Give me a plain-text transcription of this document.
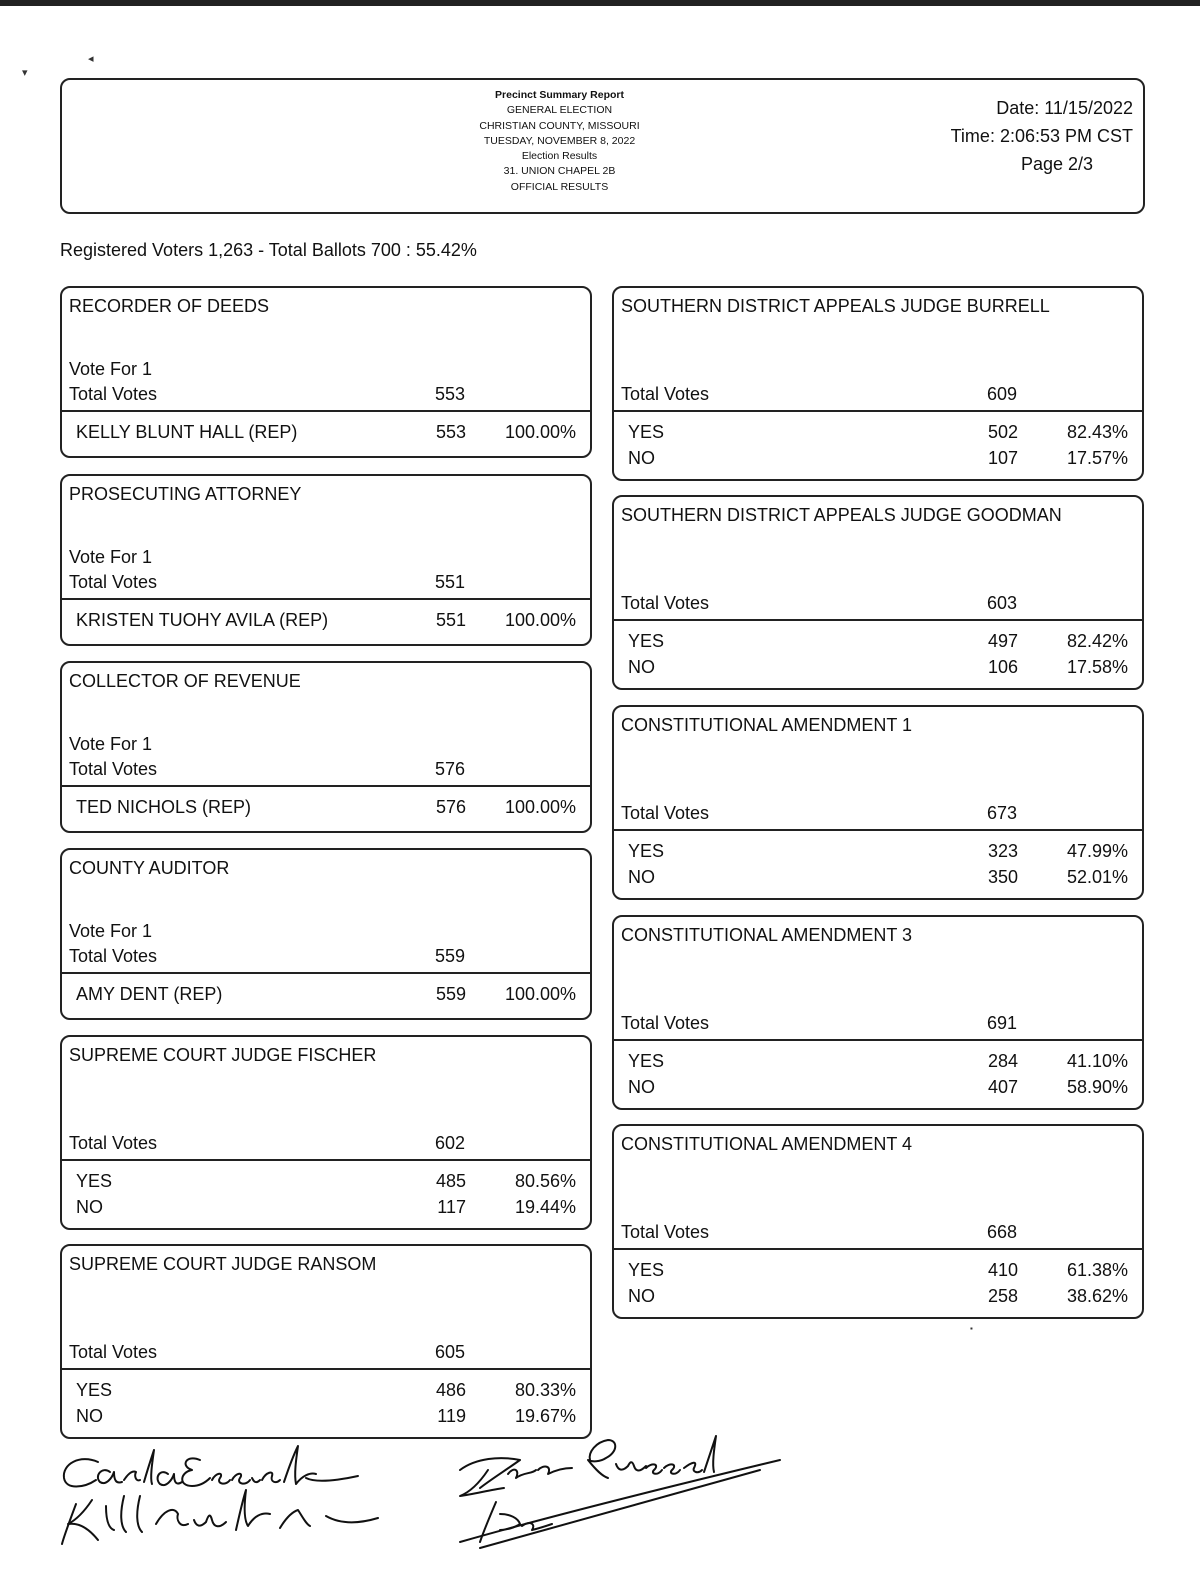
◂
▾
▪
Precinct Summary Report
GENERAL ELECTION
CHRISTIAN COUNTY, MISSOURI
TUESDAY, NOVEMBER 8, 2022
Election Results
31. UNION CHAPEL 2B
OFFICIAL RESULTS
Date: 11/15/2022
Time: 2:06:53 PM CST
Page 2/3
Registered Voters 1,263 - Total Ballots 700 : 55.42%
RECORDER OF DEEDS
Vote For 1
Total Votes	553
KELLY BLUNT HALL (REP)	553 100.00%
PROSECUTING ATTORNEY
Vote For 1
Total Votes	551
KRISTEN TUOHY AVILA (REP)	551 100.00%
COLLECTOR OF REVENUE
Vote For 1
Total Votes	576
TED NICHOLS (REP)	576 100.00%
COUNTY AUDITOR
Vote For 1
Total Votes	559
AMY DENT (REP)	559 100.00%
SUPREME COURT JUDGE FISCHER
Total Votes	602
YES	485	80.56%
NO	117	19.44%
SUPREME COURT JUDGE RANSOM
Total Votes	605
YES	486	80.33%
NO	119	19.67%
SOUTHERN DISTRICT APPEALS JUDGE BURRELL
Total Votes	609
YES	502	82.43%
NO	107	17.57%
SOUTHERN DISTRICT APPEALS JUDGE GOODMAN
Total Votes	603
YES	497	82.42%
NO	106	17.58%
CONSTITUTIONAL AMENDMENT 1
Total Votes	673
YES	323	47.99%
NO	350	52.01%
CONSTITUTIONAL AMENDMENT 3
Total Votes	691
YES	284	41.10%
NO	407	58.90%
CONSTITUTIONAL AMENDMENT 4
Total Votes	668
YES	410	61.38%
NO	258	38.62%
